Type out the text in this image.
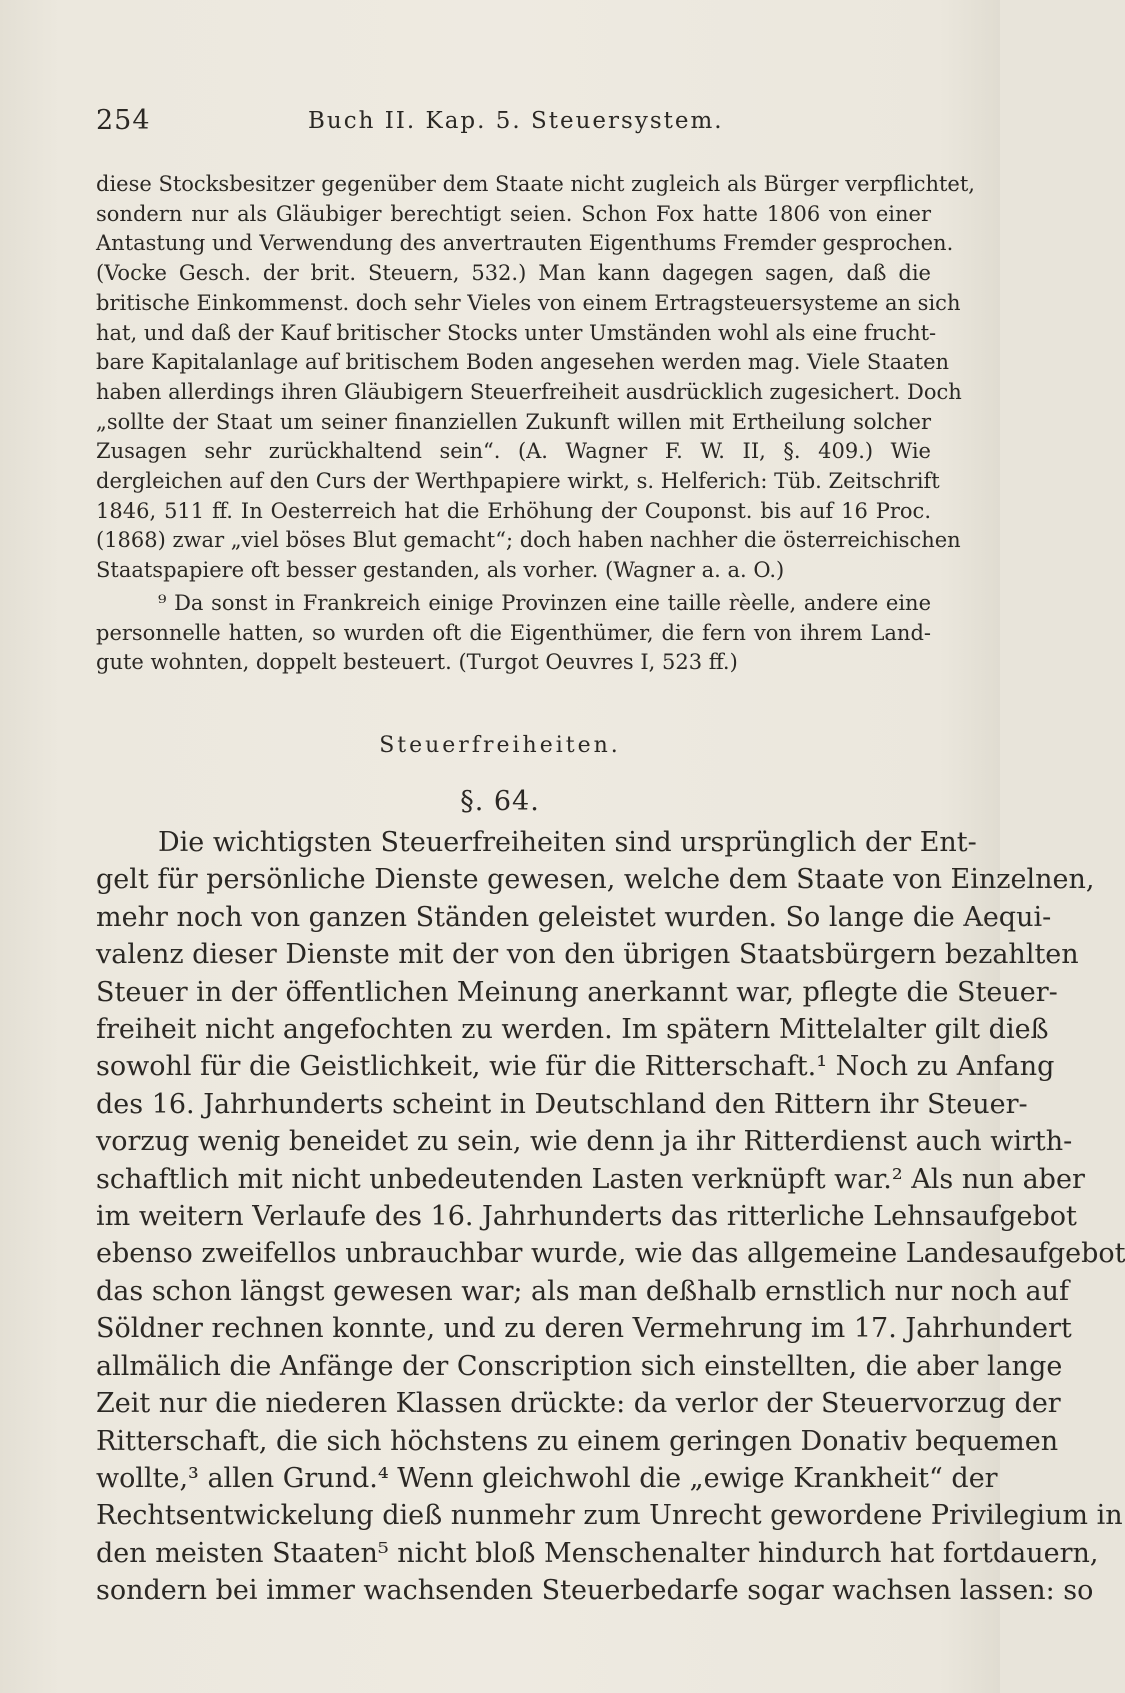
254	Buch II. Kap. 5. Steuersystem.
diese Stocksbesitzer gegenüber dem Staate nicht zugleich als Bürger verpflichtet,
sondern nur als Gläubiger berechtigt seien. Schon Fox hatte 1806 von einer
Antastung und Verwendung des anvertrauten Eigenthums Fremder gesprochen.
(Vocke Gesch. der brit. Steuern, 532.) Man kann dagegen sagen, daß die
britische Einkommenst. doch sehr Vieles von einem Ertragsteuersysteme an sich
hat, und daß der Kauf britischer Stocks unter Umständen wohl als eine frucht-
bare Kapitalanlage auf britischem Boden angesehen werden mag. Viele Staaten
haben allerdings ihren Gläubigern Steuerfreiheit ausdrücklich zugesichert. Doch
„sollte der Staat um seiner finanziellen Zukunft willen mit Ertheilung solcher
Zusagen sehr zurückhaltend sein“. (A. Wagner F. W. II, §. 409.) Wie
dergleichen auf den Curs der Werthpapiere wirkt, s. Helferich: Tüb. Zeitschrift
1846, 511 ff. In Oesterreich hat die Erhöhung der Couponst. bis auf 16 Proc.
(1868) zwar „viel böses Blut gemacht“; doch haben nachher die österreichischen
Staatspapiere oft besser gestanden, als vorher. (Wagner a. a. O.)
⁹ Da sonst in Frankreich einige Provinzen eine taille rèelle, andere eine
personnelle hatten, so wurden oft die Eigenthümer, die fern von ihrem Land-
gute wohnten, doppelt besteuert. (Turgot Oeuvres I, 523 ff.)
Steuerfreiheiten.
§. 64.
Die wichtigsten Steuerfreiheiten sind ursprünglich der Ent-
gelt für persönliche Dienste gewesen, welche dem Staate von Einzelnen,
mehr noch von ganzen Ständen geleistet wurden. So lange die Aequi-
valenz dieser Dienste mit der von den übrigen Staatsbürgern bezahlten
Steuer in der öffentlichen Meinung anerkannt war, pflegte die Steuer-
freiheit nicht angefochten zu werden. Im spätern Mittelalter gilt dieß
sowohl für die Geistlichkeit, wie für die Ritterschaft.¹ Noch zu Anfang
des 16. Jahrhunderts scheint in Deutschland den Rittern ihr Steuer-
vorzug wenig beneidet zu sein, wie denn ja ihr Ritterdienst auch wirth-
schaftlich mit nicht unbedeutenden Lasten verknüpft war.² Als nun aber
im weitern Verlaufe des 16. Jahrhunderts das ritterliche Lehnsaufgebot
ebenso zweifellos unbrauchbar wurde, wie das allgemeine Landesaufgebot
das schon längst gewesen war; als man deßhalb ernstlich nur noch auf
Söldner rechnen konnte, und zu deren Vermehrung im 17. Jahrhundert
allmälich die Anfänge der Conscription sich einstellten, die aber lange
Zeit nur die niederen Klassen drückte: da verlor der Steuervorzug der
Ritterschaft, die sich höchstens zu einem geringen Donativ bequemen
wollte,³ allen Grund.⁴ Wenn gleichwohl die „ewige Krankheit“ der
Rechtsentwickelung dieß nunmehr zum Unrecht gewordene Privilegium in
den meisten Staaten⁵ nicht bloß Menschenalter hindurch hat fortdauern,
sondern bei immer wachsenden Steuerbedarfe sogar wachsen lassen: so
